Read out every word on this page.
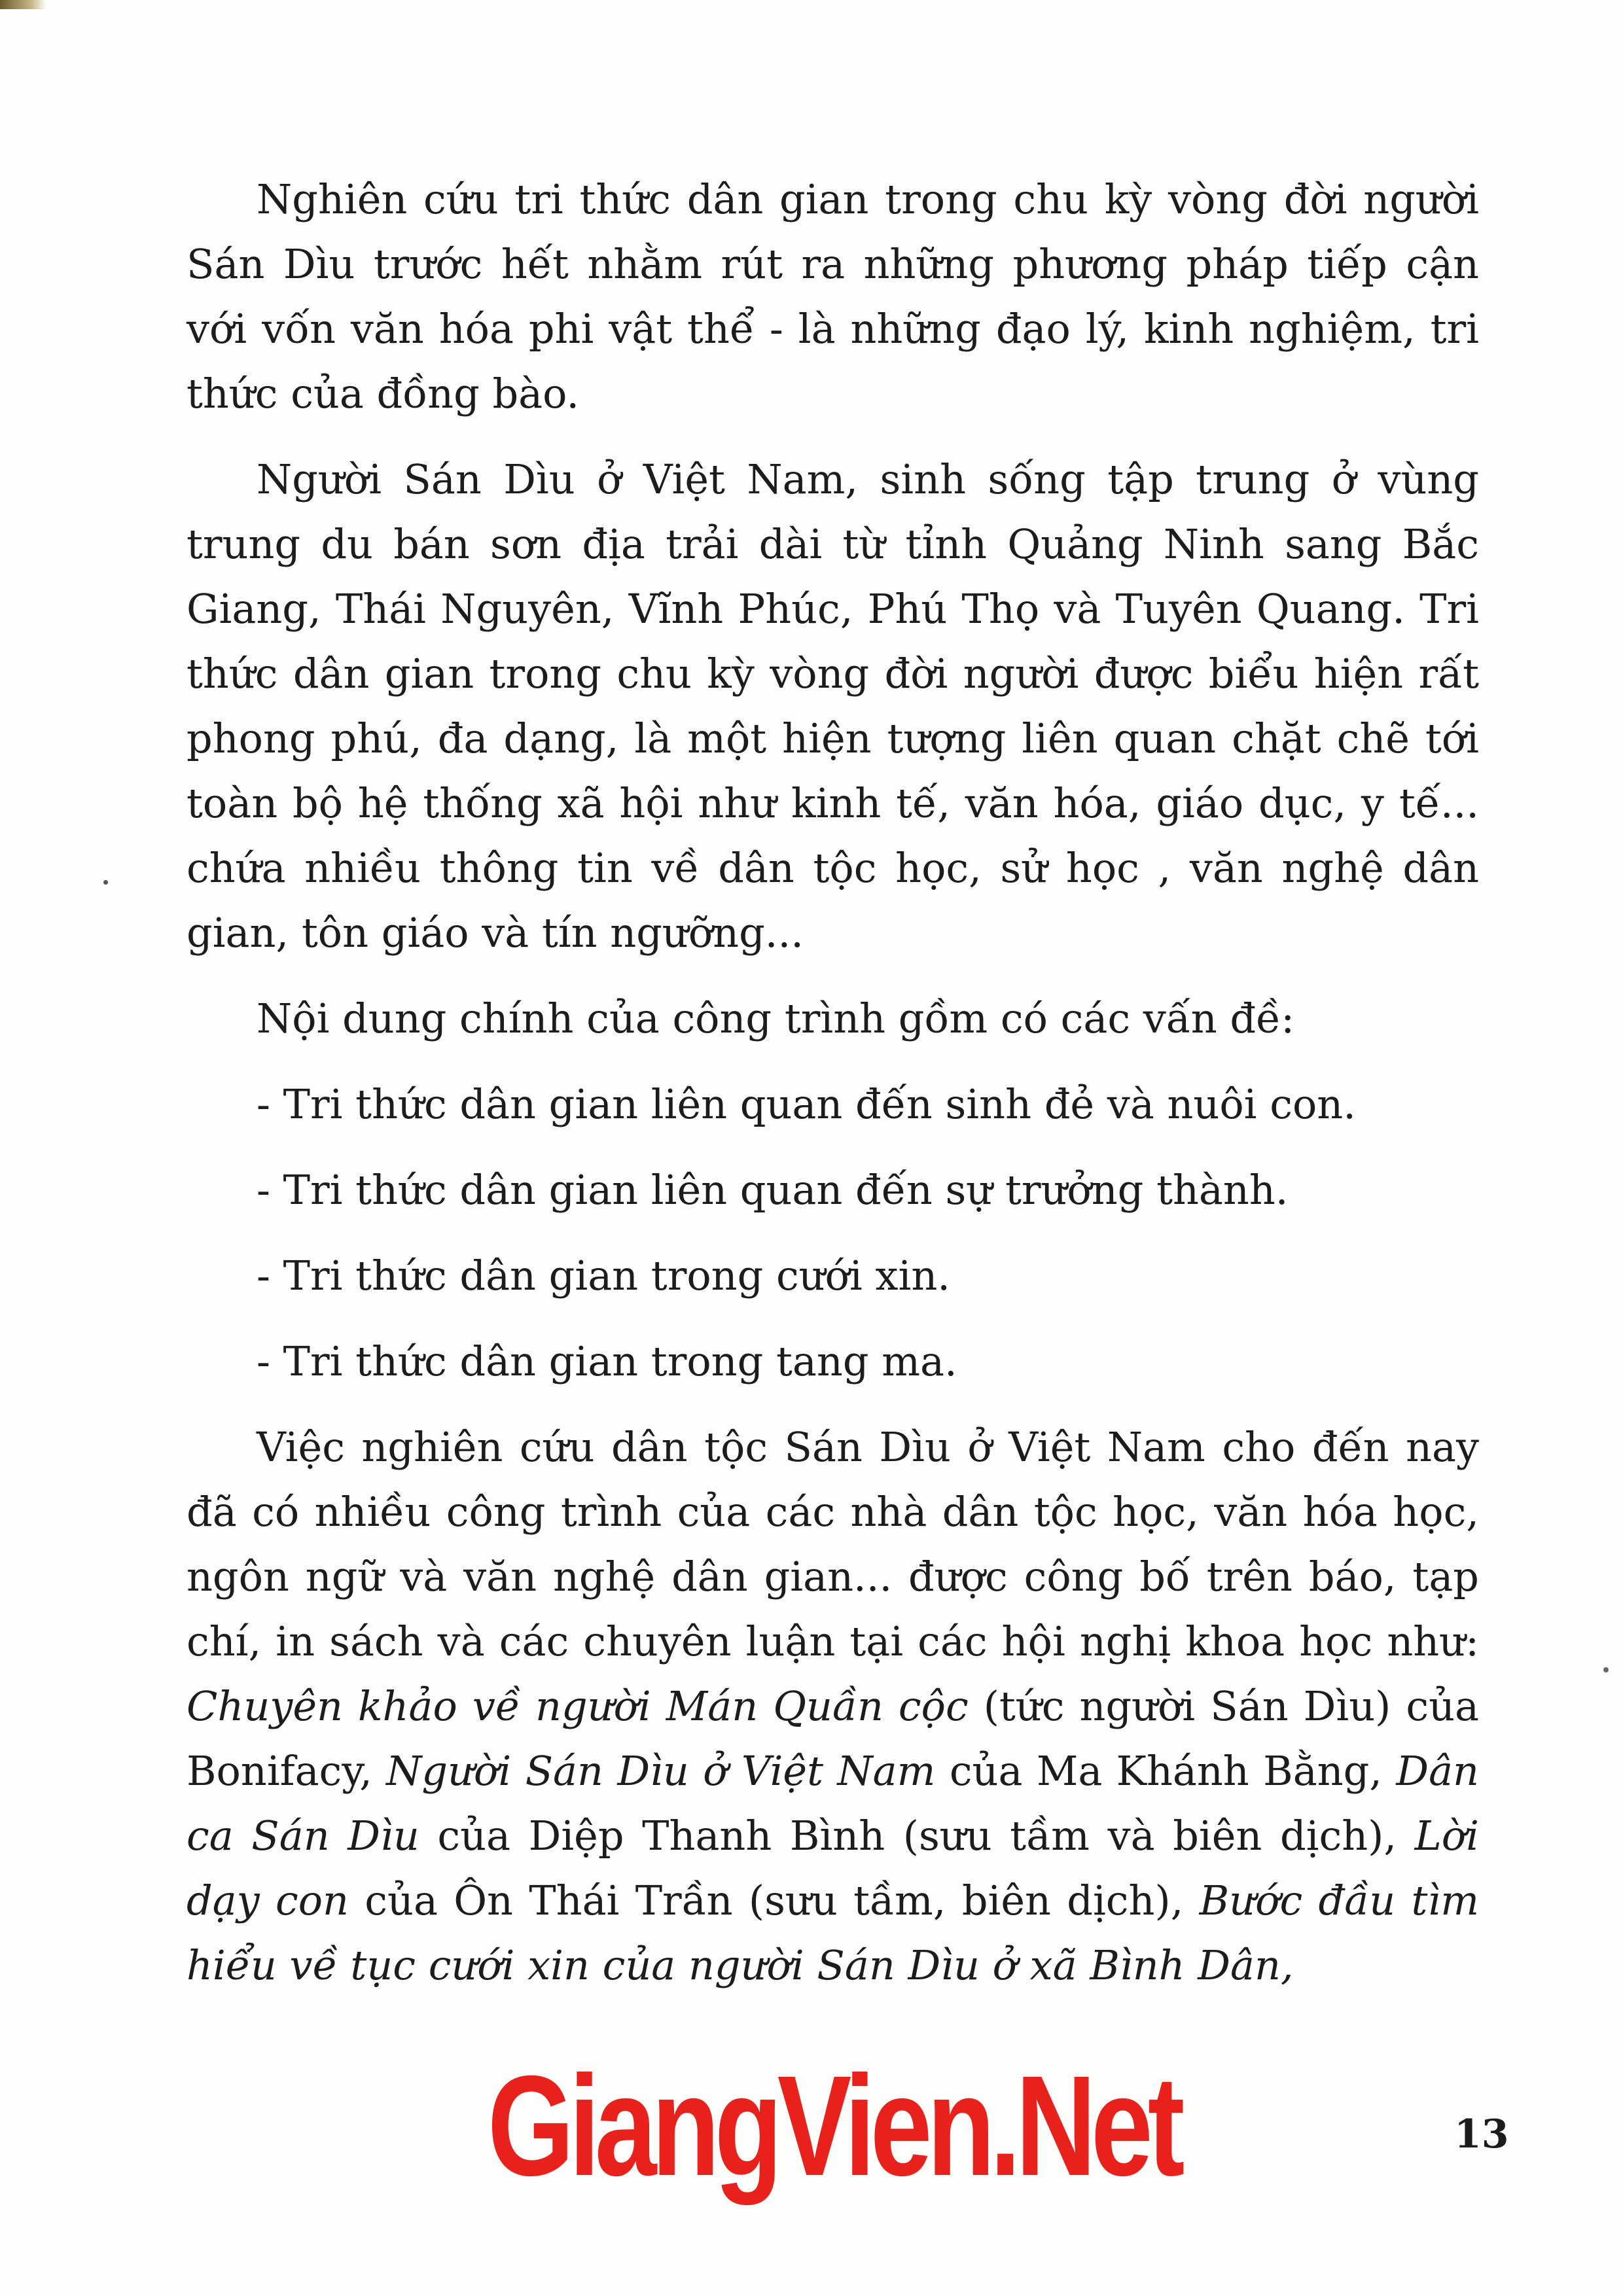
Nghiên cứu tri thức dân gian trong chu kỳ vòng đời người Sán Dìu trước hết nhằm rút ra những phương pháp tiếp cận với vốn văn hóa phi vật thể - là những đạo lý, kinh nghiệm, tri thức của đồng bào.

Người Sán Dìu ở Việt Nam, sinh sống tập trung ở vùng trung du bán sơn địa trải dài từ tỉnh Quảng Ninh sang Bắc Giang, Thái Nguyên, Vĩnh Phúc, Phú Thọ và Tuyên Quang. Tri thức dân gian trong chu kỳ vòng đời người được biểu hiện rất phong phú, đa dạng, là một hiện tượng liên quan chặt chẽ tới toàn bộ hệ thống xã hội như kinh tế, văn hóa, giáo dục, y tế... chứa nhiều thông tin về dân tộc học, sử học , văn nghệ dân gian, tôn giáo và tín ngưỡng...

Nội dung chính của công trình gồm có các vấn đề:

- Tri thức dân gian liên quan đến sinh đẻ và nuôi con.

- Tri thức dân gian liên quan đến sự trưởng thành.

- Tri thức dân gian trong cưới xin.

- Tri thức dân gian trong tang ma.

Việc nghiên cứu dân tộc Sán Dìu ở Việt Nam cho đến nay đã có nhiều công trình của các nhà dân tộc học, văn hóa học, ngôn ngữ và văn nghệ dân gian... được công bố trên báo, tạp chí, in sách và các chuyên luận tại các hội nghị khoa học như: Chuyên khảo về người Mán Quần cộc (tức người Sán Dìu) của Bonifacy, Người Sán Dìu ở Việt Nam của Ma Khánh Bằng, Dân ca Sán Dìu của Diệp Thanh Bình (sưu tầm và biên dịch), Lời dạy con của Ôn Thái Trần (sưu tầm, biên dịch), Bước đầu tìm hiểu về tục cưới xin của người Sán Dìu ở xã Bình Dân,

GiangVien.Net	13
